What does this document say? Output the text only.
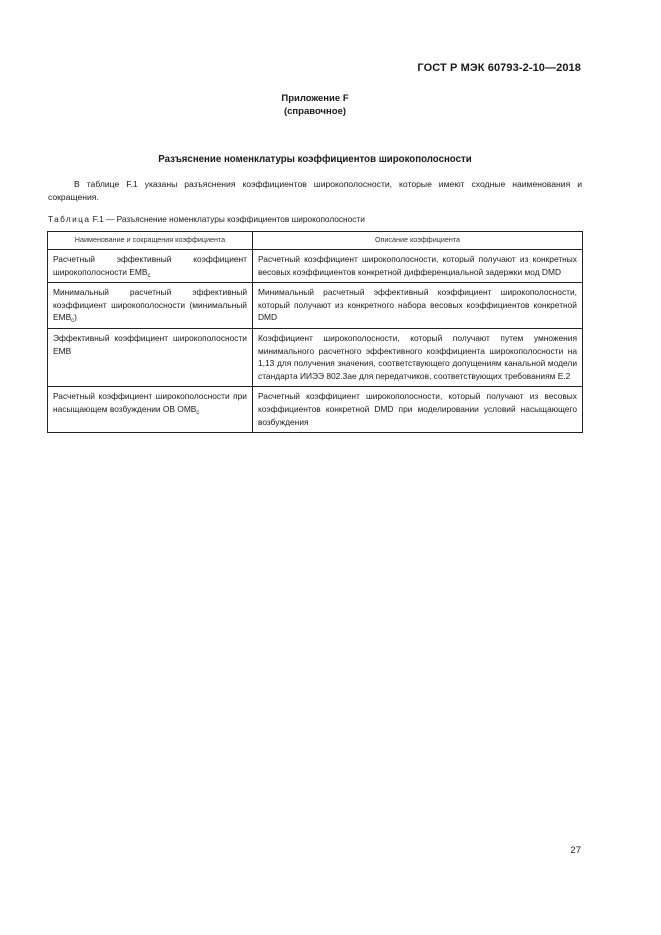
ГОСТ Р МЭК 60793-2-10—2018
Приложение F
(справочное)
Разъяснение номенклатуры коэффициентов широкополосности

В таблице F.1 указаны разъяснения коэффициентов широкополосности, которые имеют сходные наименования и сокращения.

Таблица F.1 — Разъяснение номенклатуры коэффициентов широкополосности
Наименование и сокращения коэффициента	Описание коэффициента
Расчетный эффективный коэффициент широкополосности $EMB_c$	Расчетный коэффициент широкополосности, который получают из конкретных весовых коэффициентов конкретной дифференциальной задержки мод DMD
Минимальный расчетный эффективный коэффициент широкополосности (минимальный $EMB_c$)	Минимальный расчетный эффективный коэффициент широкополосности, который получают из конкретного набора весовых коэффициентов конкретной DMD
Эффективный коэффициент широкополосности EMB	Коэффициент широкополосности, который получают путем умножения минимального расчетного эффективного коэффициента широкополосности на 1,13 для получения значения, соответствующего допущениям канальной модели стандарта ИИЭЭ 802.3ae для передатчиков, соответствующих требованиям E.2
Расчетный коэффициент широкополосности при насыщающем возбуждении OB $OMB_c$	Расчетный коэффициент широкополосности, который получают из весовых коэффициентов конкретной DMD при моделировании условий насыщающего возбуждения
27
